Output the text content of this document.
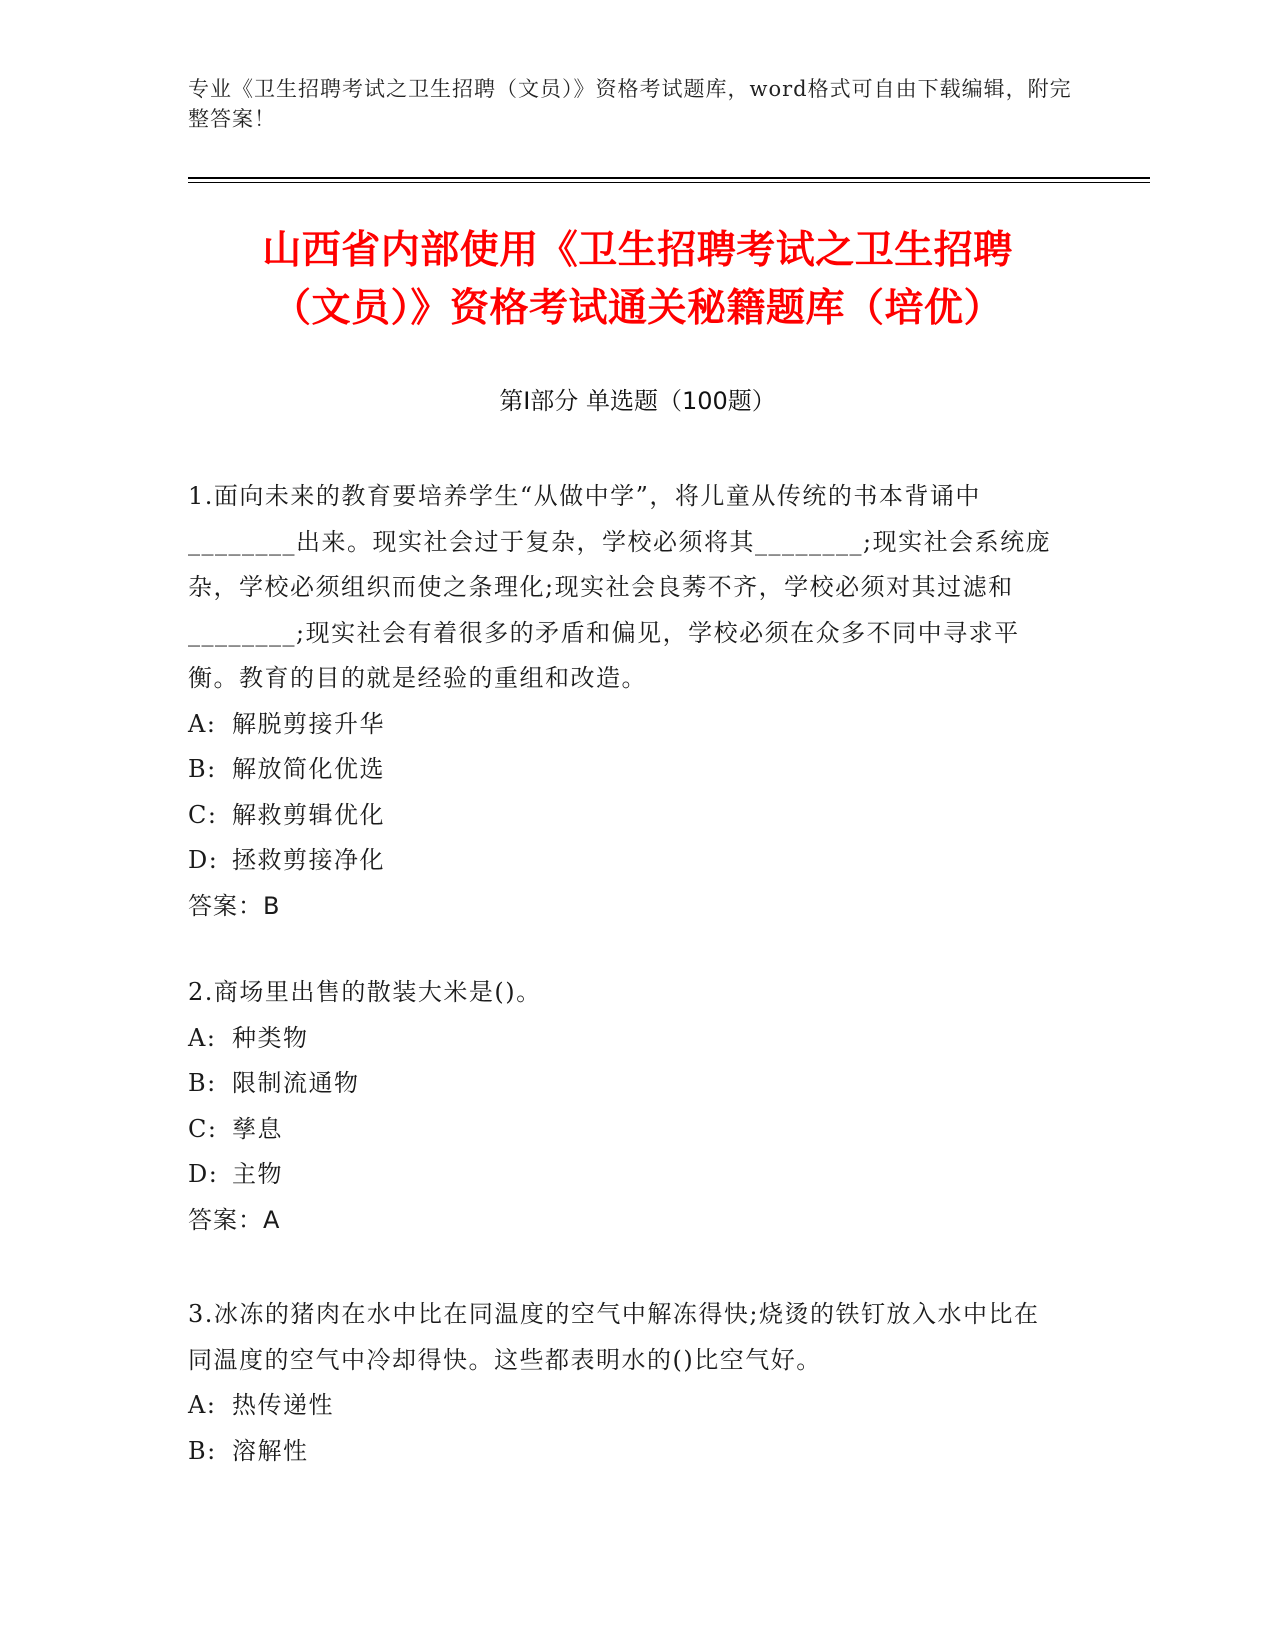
专业《卫生招聘考试之卫生招聘（文员）》资格考试题库，word格式可自由下载编辑，附完整答案！
山西省内部使用《卫生招聘考试之卫生招聘
（文员）》资格考试通关秘籍题库（培优）
第Ⅰ部分 单选题（100题）

1.面向未来的教育要培养学生“从做中学”，将儿童从传统的书本背诵中________出来。现实社会过于复杂，学校必须将其________;现实社会系统庞杂，学校必须组织而使之条理化;现实社会良莠不齐，学校必须对其过滤和________;现实社会有着很多的矛盾和偏见，学校必须在众多不同中寻求平衡。教育的目的就是经验的重组和改造。

A: 解脱剪接升华

B: 解放简化优选

C: 解救剪辑优化

D: 拯救剪接净化

答案：B

2.商场里出售的散装大米是()。

A: 种类物

B: 限制流通物

C: 孳息

D: 主物

答案：A

3.冰冻的猪肉在水中比在同温度的空气中解冻得快;烧烫的铁钉放入水中比在同温度的空气中冷却得快。这些都表明水的()比空气好。

A: 热传递性

B: 溶解性
